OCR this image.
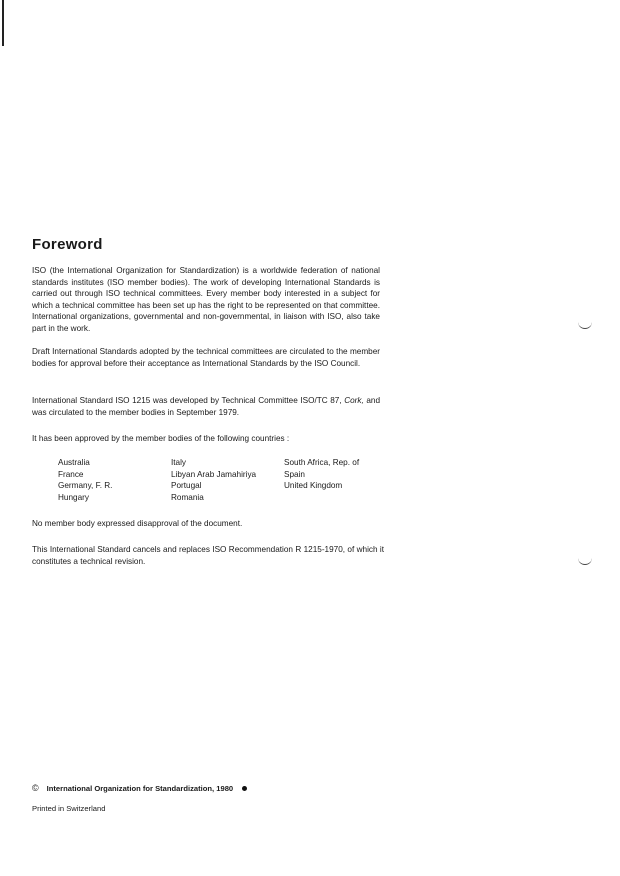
Foreword

ISO (the International Organization for Standardization) is a worldwide federation of national standards institutes (ISO member bodies). The work of developing International Standards is carried out through ISO technical committees. Every member body interested in a subject for which a technical committee has been set up has the right to be represented on that committee. International organizations, governmental and non-governmental, in liaison with ISO, also take part in the work.

Draft International Standards adopted by the technical committees are circulated to the member bodies for approval before their acceptance as International Standards by the ISO Council.

International Standard ISO 1215 was developed by Technical Committee ISO/TC 87, Cork, and was circulated to the member bodies in September 1979.

It has been approved by the member bodies of the following countries :

Australia
France
Germany, F. R.
Hungary
Italy
Libyan Arab Jamahiriya
Portugal
Romania
South Africa, Rep. of
Spain
United Kingdom

No member body expressed disapproval of the document.

This International Standard cancels and replaces ISO Recommendation R 1215-1970, of which it constitutes a technical revision.

© International Organization for Standardization, 1980
Printed in Switzerland
